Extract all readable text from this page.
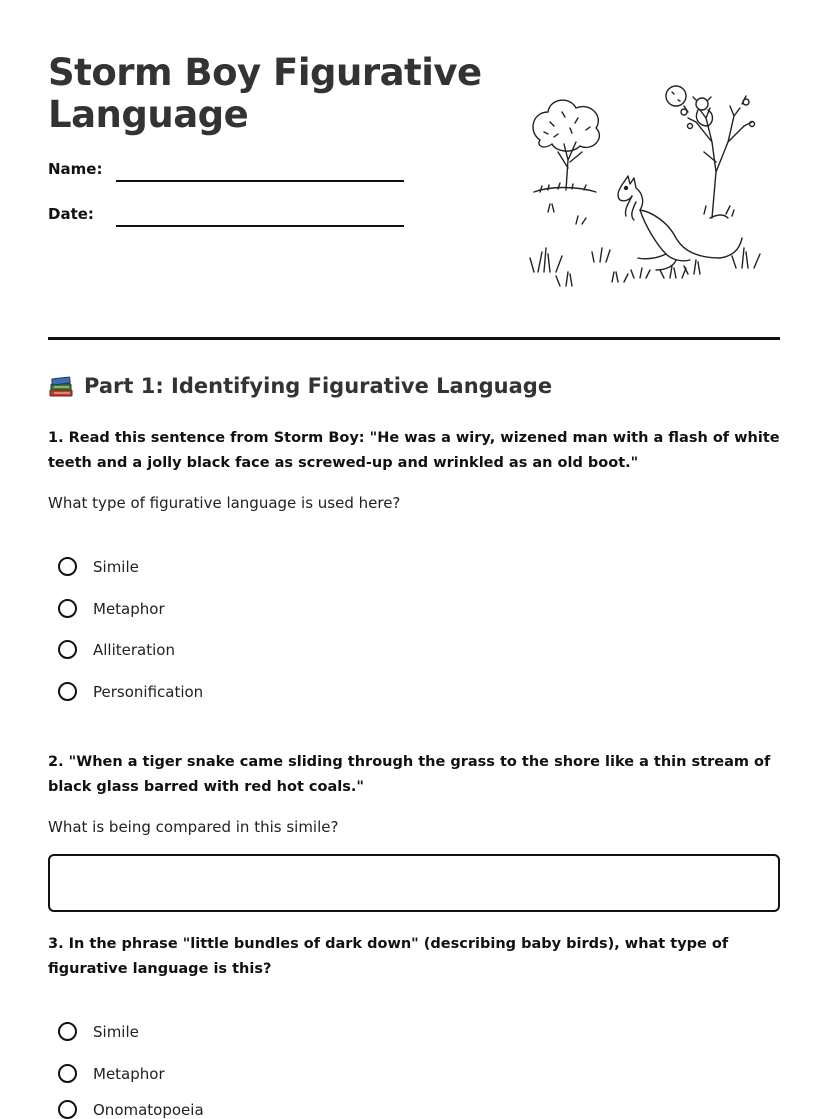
Storm Boy Figurative Language
Name:
Date:
Part 1: Identifying Figurative Language
1. Read this sentence from Storm Boy: "He was a wiry, wizened man with a flash of white teeth and a jolly black face as screwed-up and wrinkled as an old boot."
What type of figurative language is used here?
Simile
Metaphor
Alliteration
Personification
2. "When a tiger snake came sliding through the grass to the shore like a thin stream of black glass barred with red hot coals."
What is being compared in this simile?
3. In the phrase "little bundles of dark down" (describing baby birds), what type of figurative language is this?
Simile
Metaphor
Onomatopoeia
